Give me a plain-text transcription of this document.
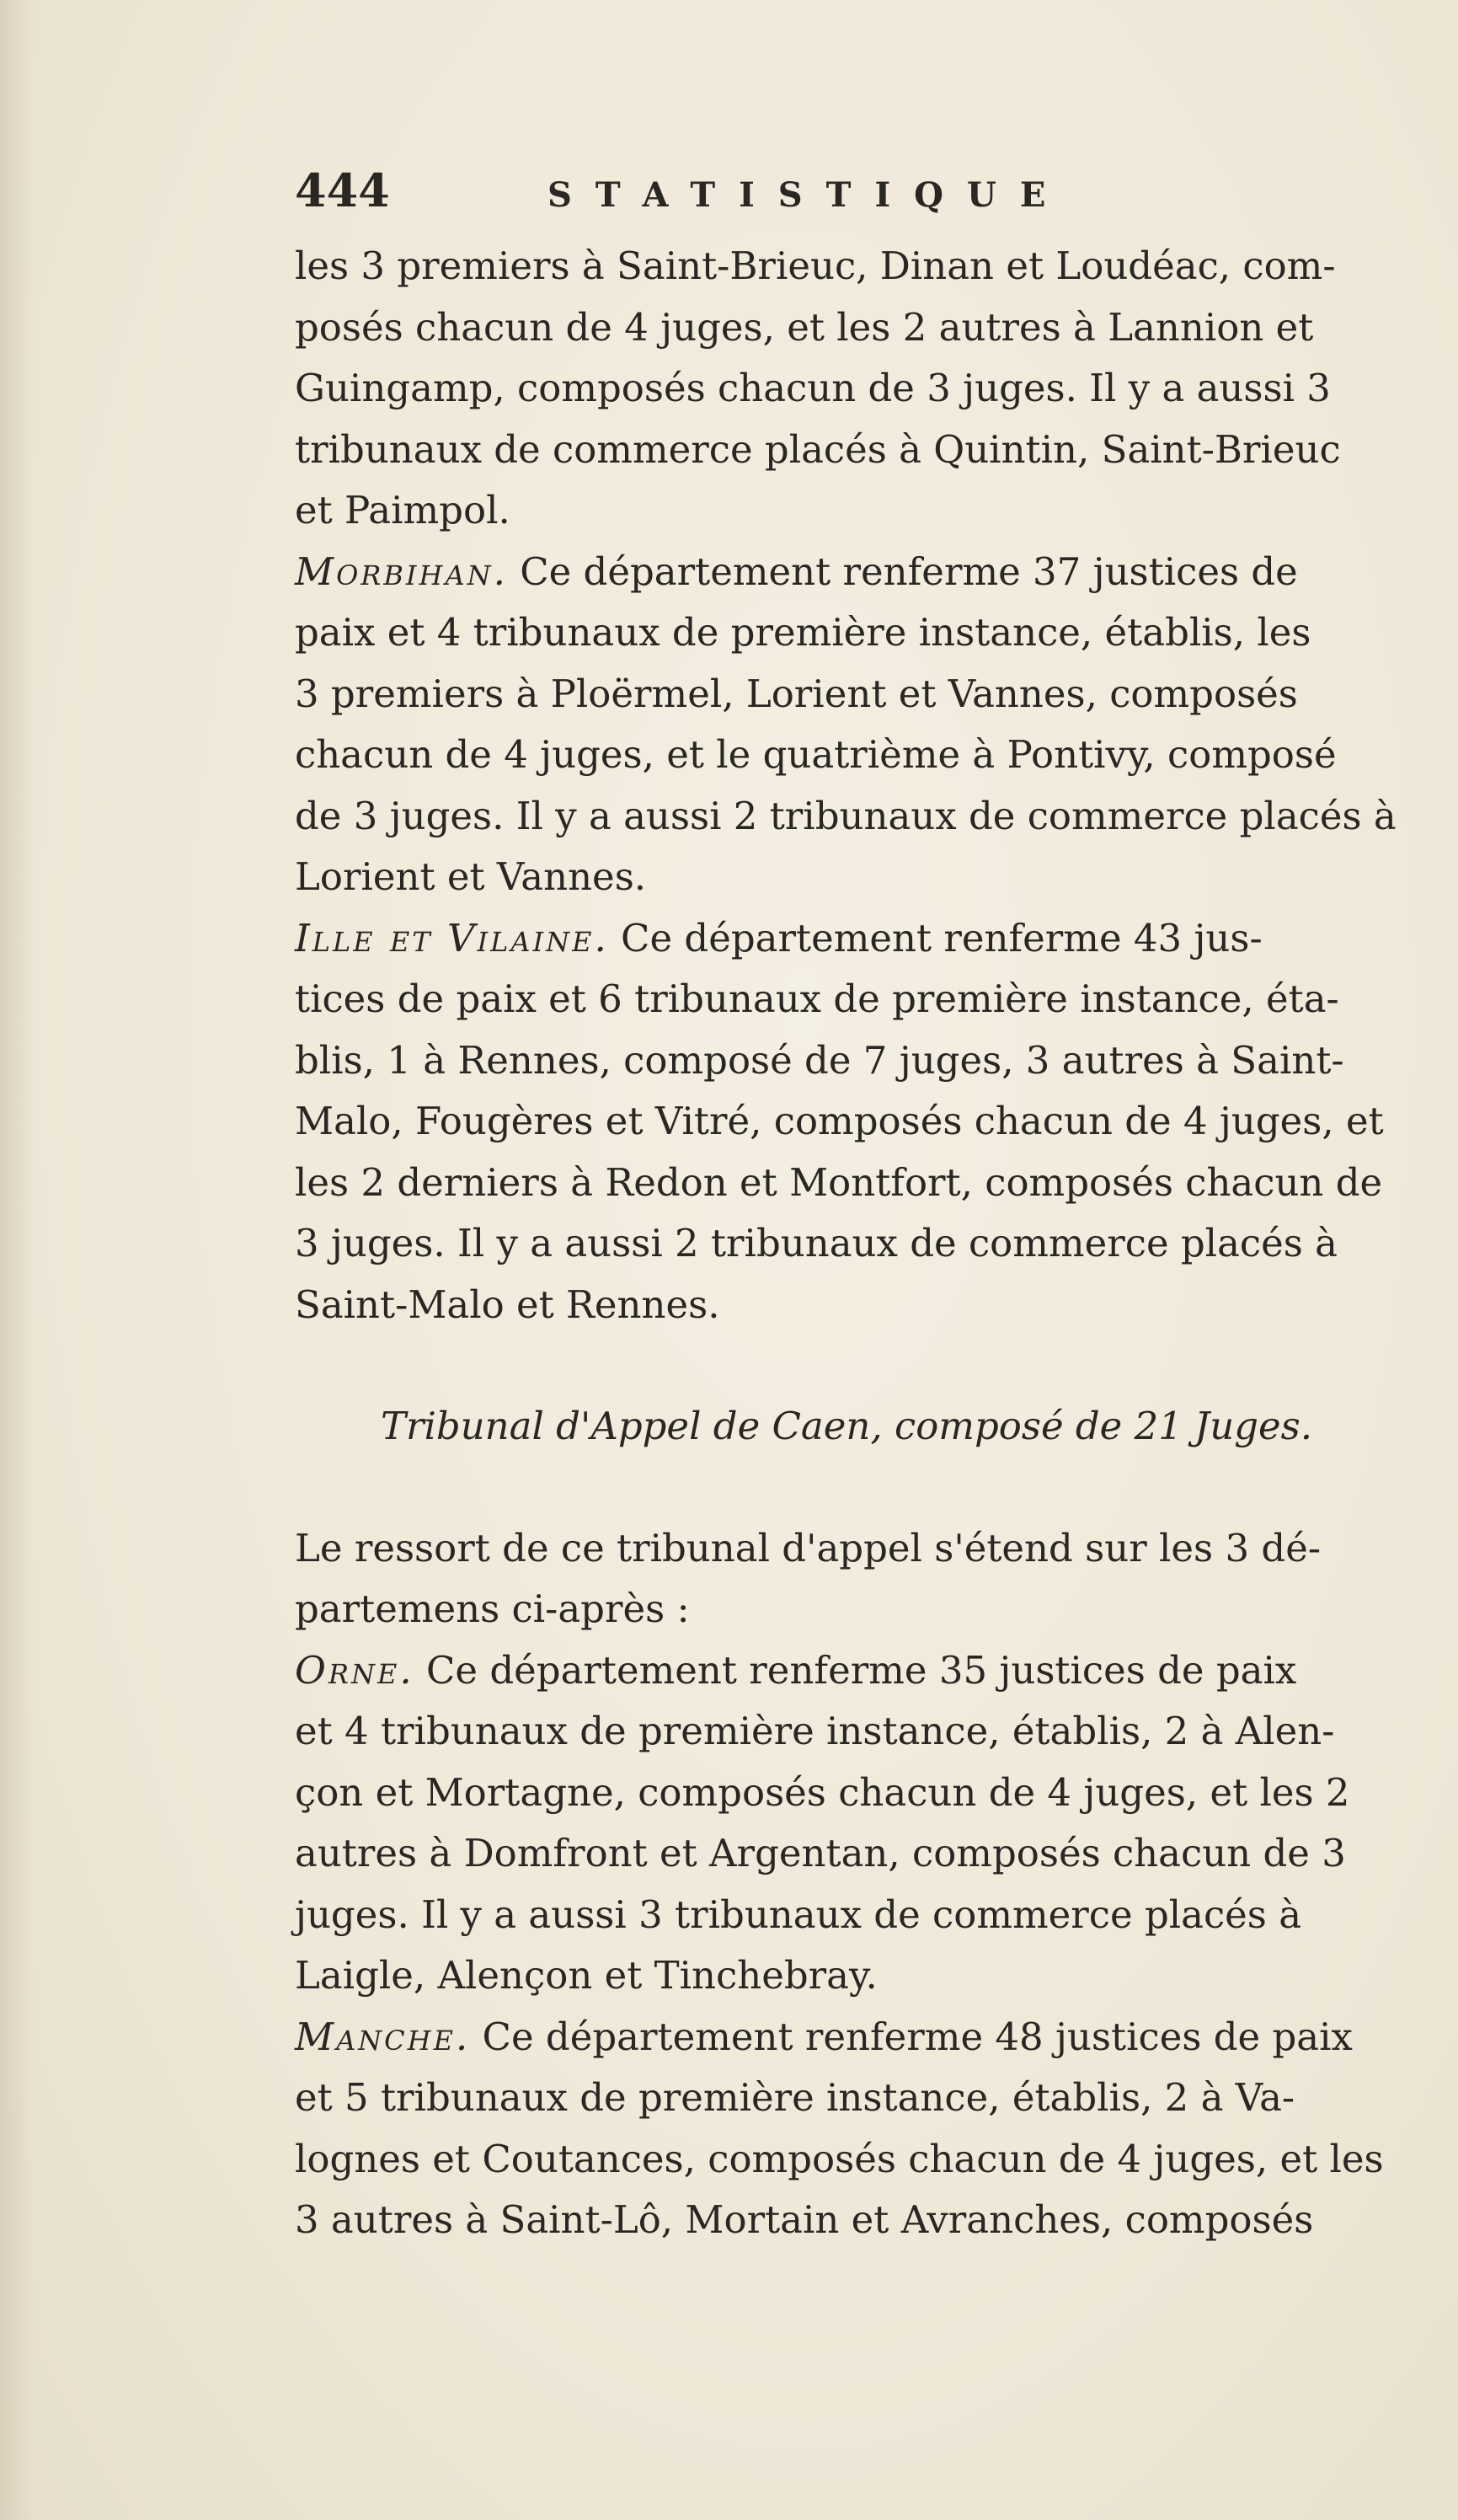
444	STATISTIQUE

les 3 premiers à Saint-Brieuc, Dinan et Loudéac, com-
posés chacun de 4 juges, et les 2 autres à Lannion et
Guingamp, composés chacun de 3 juges. Il y a aussi 3
tribunaux de commerce placés à Quintin, Saint-Brieuc
et Paimpol.

Morbihan. Ce département renferme 37 justices de
paix et 4 tribunaux de première instance, établis, les
3 premiers à Ploërmel, Lorient et Vannes, composés
chacun de 4 juges, et le quatrième à Pontivy, composé
de 3 juges. Il y a aussi 2 tribunaux de commerce placés à
Lorient et Vannes.

Ille et Vilaine. Ce département renferme 43 jus-
tices de paix et 6 tribunaux de première instance, éta-
blis, 1 à Rennes, composé de 7 juges, 3 autres à Saint-
Malo, Fougères et Vitré, composés chacun de 4 juges, et
les 2 derniers à Redon et Montfort, composés chacun de
3 juges. Il y a aussi 2 tribunaux de commerce placés à
Saint-Malo et Rennes.

Tribunal d'Appel de Caen, composé de 21 Juges.

Le ressort de ce tribunal d'appel s'étend sur les 3 dé-
partemens ci-après :

Orne. Ce département renferme 35 justices de paix
et 4 tribunaux de première instance, établis, 2 à Alen-
çon et Mortagne, composés chacun de 4 juges, et les 2
autres à Domfront et Argentan, composés chacun de 3
juges. Il y a aussi 3 tribunaux de commerce placés à
Laigle, Alençon et Tinchebray.

Manche. Ce département renferme 48 justices de paix
et 5 tribunaux de première instance, établis, 2 à Va-
lognes et Coutances, composés chacun de 4 juges, et les
3 autres à Saint-Lô, Mortain et Avranches, composés
